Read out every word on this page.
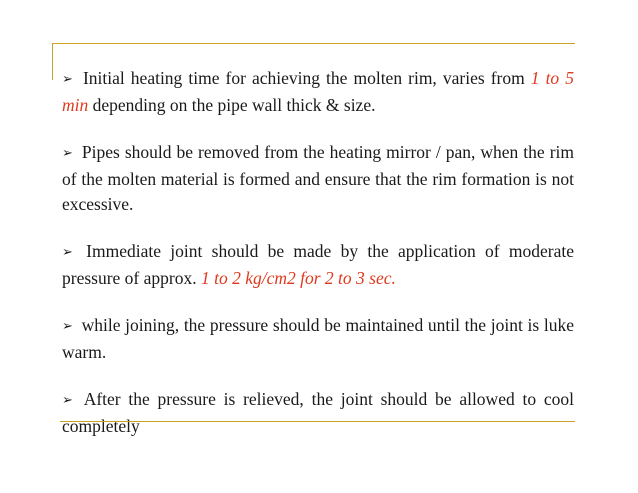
➢ Initial heating time for achieving the molten rim, varies from 1 to 5 min depending on the pipe wall thick & size.

➢ Pipes should be removed from the heating mirror / pan, when the rim of the molten material is formed and ensure that the rim formation is not excessive.

➢ Immediate joint should be made by the application of moderate pressure of approx. 1 to 2 kg/cm2 for 2 to 3 sec.

➢ while joining, the pressure should be maintained until the joint is luke warm.

➢ After the pressure is relieved, the joint should be allowed to cool completely
